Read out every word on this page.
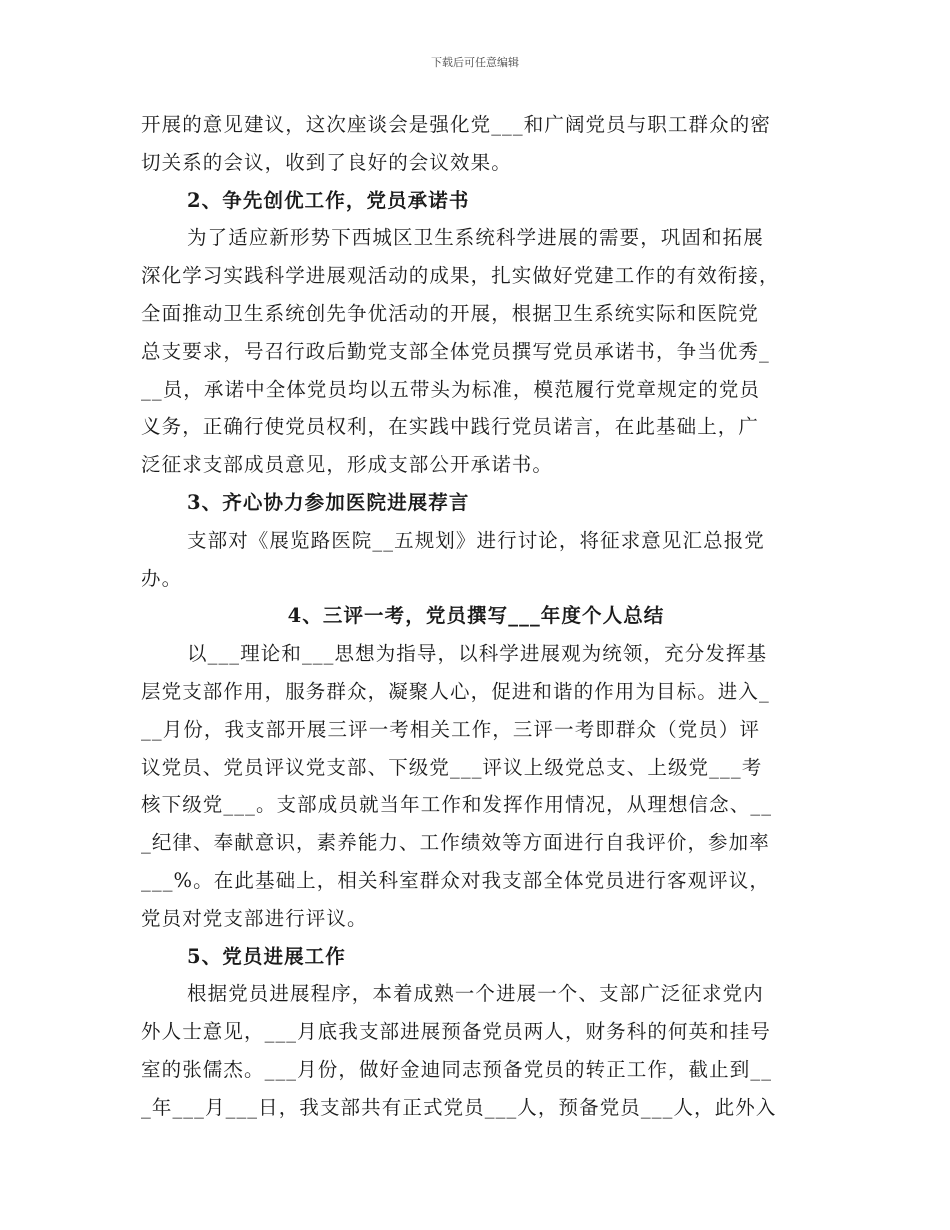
下载后可任意编辑
开展的意见建议，这次座谈会是强化党___和广阔党员与职工群众的密
切关系的会议，收到了良好的会议效果。
2、争先创优工作，党员承诺书
为了适应新形势下西城区卫生系统科学进展的需要，巩固和拓展
深化学习实践科学进展观活动的成果，扎实做好党建工作的有效衔接，
全面推动卫生系统创先争优活动的开展，根据卫生系统实际和医院党
总支要求，号召行政后勤党支部全体党员撰写党员承诺书，争当优秀_
__员，承诺中全体党员均以五带头为标准，模范履行党章规定的党员
义务，正确行使党员权利，在实践中践行党员诺言，在此基础上，广
泛征求支部成员意见，形成支部公开承诺书。
3、齐心协力参加医院进展荐言
支部对《展览路医院__五规划》进行讨论，将征求意见汇总报党
办。
4、三评一考，党员撰写___年度个人总结
以___理论和___思想为指导，以科学进展观为统领，充分发挥基
层党支部作用，服务群众，凝聚人心，促进和谐的作用为目标。进入_
__月份，我支部开展三评一考相关工作，三评一考即群众（党员）评
议党员、党员评议党支部、下级党___评议上级党总支、上级党___考
核下级党___。支部成员就当年工作和发挥作用情况，从理想信念、__
_纪律、奉献意识，素养能力、工作绩效等方面进行自我评价，参加率
___%。在此基础上，相关科室群众对我支部全体党员进行客观评议，
党员对党支部进行评议。
5、党员进展工作
根据党员进展程序，本着成熟一个进展一个、支部广泛征求党内
外人士意见，___月底我支部进展预备党员两人，财务科的何英和挂号
室的张儒杰。___月份，做好金迪同志预备党员的转正工作，截止到__
_年___月___日，我支部共有正式党员___人，预备党员___人，此外入
